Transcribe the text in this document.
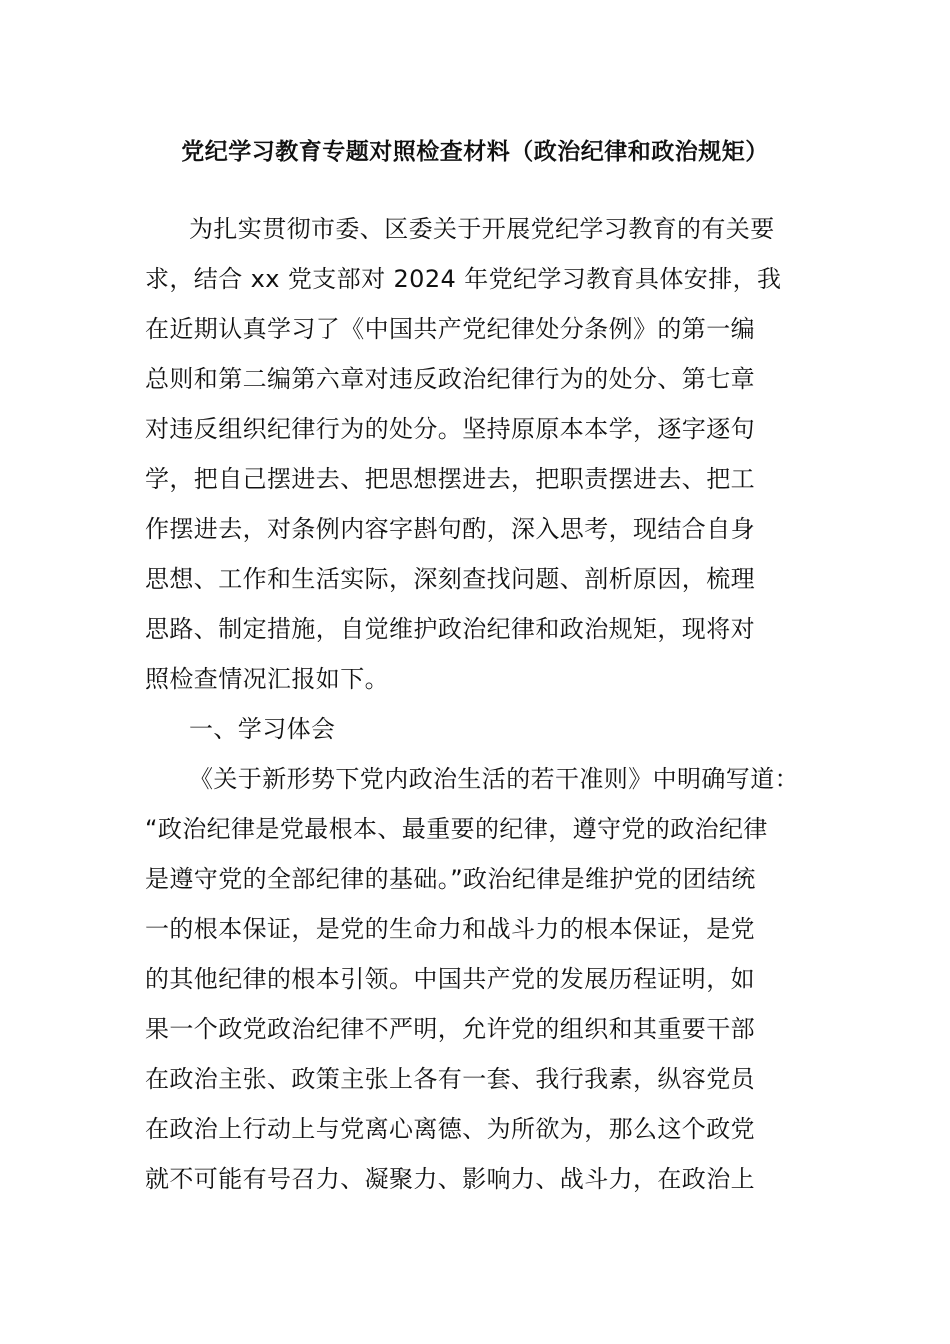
党纪学习教育专题对照检查材料（政治纪律和政治规矩）
为扎实贯彻市委、区委关于开展党纪学习教育的有关要
求，结合 xx 党支部对 2024 年党纪学习教育具体安排，我
在近期认真学习了《中国共产党纪律处分条例》的第一编
总则和第二编第六章对违反政治纪律行为的处分、第七章
对违反组织纪律行为的处分。坚持原原本本学，逐字逐句
学，把自己摆进去、把思想摆进去，把职责摆进去、把工
作摆进去，对条例内容字斟句酌，深入思考，现结合自身
思想、工作和生活实际，深刻查找问题、剖析原因，梳理
思路、制定措施，自觉维护政治纪律和政治规矩，现将对
照检查情况汇报如下。
一、学习体会
《关于新形势下党内政治生活的若干准则》中明确写道：
“政治纪律是党最根本、最重要的纪律，遵守党的政治纪律
是遵守党的全部纪律的基础。”政治纪律是维护党的团结统
一的根本保证，是党的生命力和战斗力的根本保证，是党
的其他纪律的根本引领。中国共产党的发展历程证明，如
果一个政党政治纪律不严明，允许党的组织和其重要干部
在政治主张、政策主张上各有一套、我行我素，纵容党员
在政治上行动上与党离心离德、为所欲为，那么这个政党
就不可能有号召力、凝聚力、影响力、战斗力，在政治上
